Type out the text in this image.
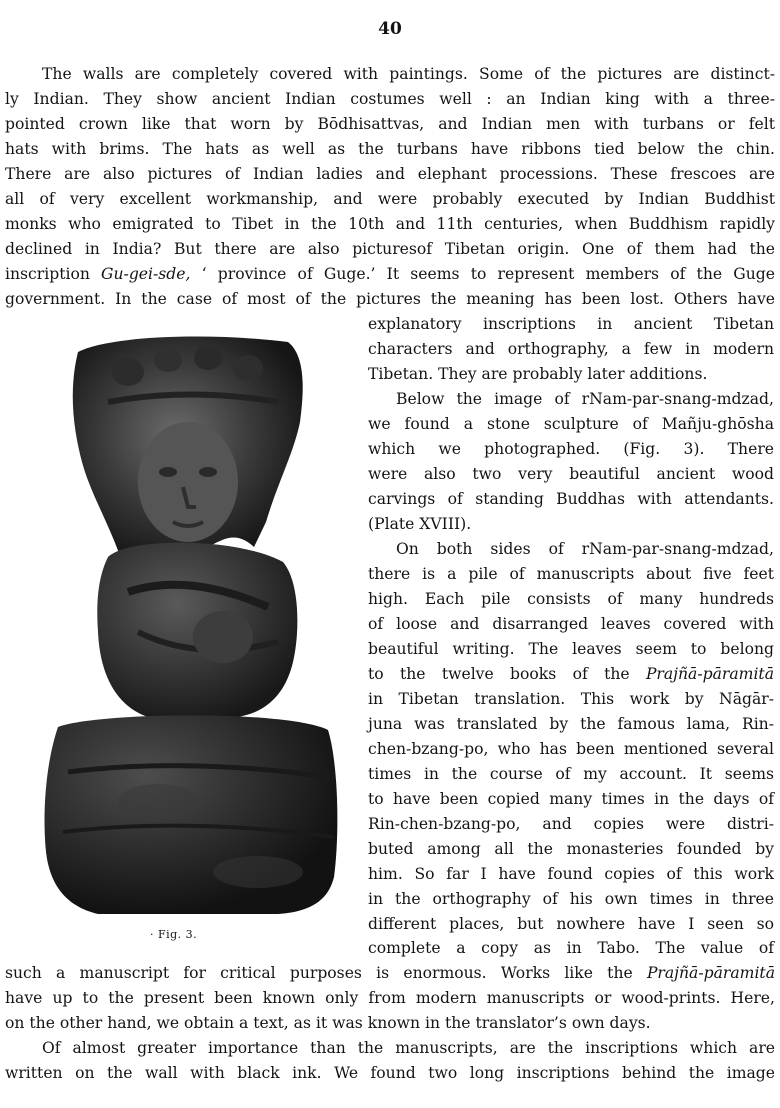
40

The walls are completely covered with paintings. Some of the pictures are distinct-

ly Indian. They show ancient Indian costumes well : an Indian king with a three-

pointed crown like that worn by Bōdhisattvas, and Indian men with turbans or felt

hats with brims. The hats as well as the turbans have ribbons tied below the chin.

There are also pictures of Indian ladies and elephant processions. These frescoes are

all of very excellent workmanship, and were probably executed by Indian Buddhist

monks who emigrated to Tibet in the 10th and 11th centuries, when Buddhism rapidly

declined in India? But there are also picturesof Tibetan origin. One of them had the

inscription Gu-gei-sde, ‘ province of Guge.’ It seems to represent members of the Guge

government. In the case of most of the pictures the meaning has been lost. Others have

explanatory inscriptions in ancient Tibetan

characters and orthography, a few in modern

Tibetan. They are probably later additions.

Below the image of rNam-par-snang-mdzad,

we found a stone sculpture of Mañju-ghōsha

which we photographed. (Fig. 3). There

were also two very beautiful ancient wood

carvings of standing Buddhas with attendants.

(Plate XVIII).

On both sides of rNam-par-snang-mdzad,

there is a pile of manuscripts about five feet

high. Each pile consists of many hundreds

of loose and disarranged leaves covered with

beautiful writing. The leaves seem to belong

to the twelve books of the Prajñā-pāramitā

in Tibetan translation. This work by Nāgār-

juna was translated by the famous lama, Rin-

chen-bzang-po, who has been mentioned several

times in the course of my account. It seems

to have been copied many times in the days of

Rin-chen-bzang-po, and copies were distri-

buted among all the monasteries founded by

him. So far I have found copies of this work

in the orthography of his own times in three

different places, but nowhere have I seen so

complete a copy as in Tabo. The value of

such a manuscript for critical purposes is enormous. Works like the Prajñā-pāramitā

have up to the present been known only from modern manuscripts or wood-prints. Here,

on the other hand, we obtain a text, as it was known in the translator’s own days.

Of almost greater importance than the manuscripts, are the inscriptions which are

written on the wall with black ink. We found two long inscriptions behind the image

· Fig. 3.
